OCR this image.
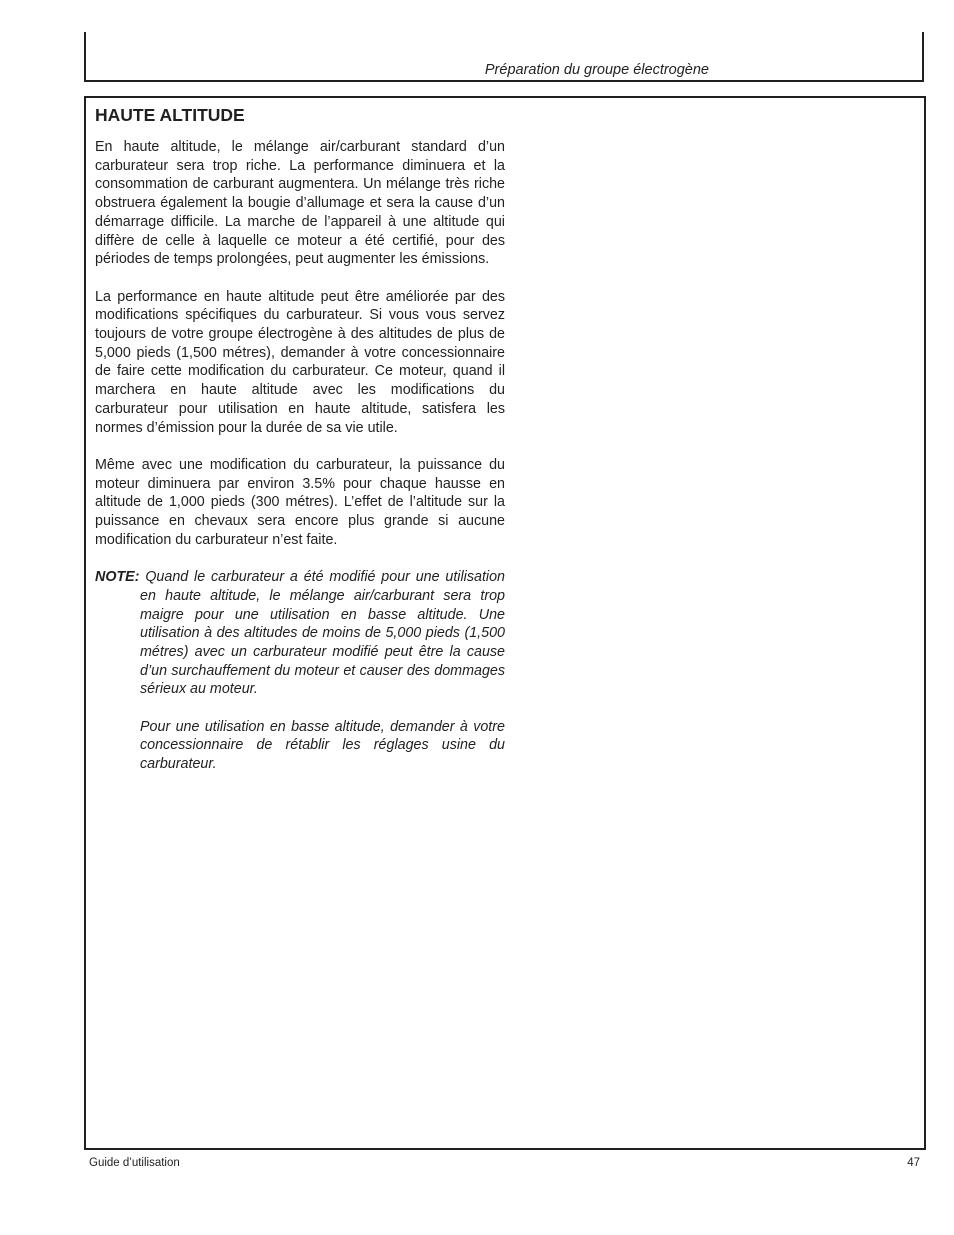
Préparation du groupe électrogène
HAUTE ALTITUDE

En haute altitude, le mélange air/carburant standard d’un carburateur sera trop riche. La performance diminuera et la consommation de carburant augmentera. Un mélange très riche obstruera également la bougie d’allumage et sera la cause d’un démarrage difficile. La marche de l’appareil à une altitude qui diffère de celle à laquelle ce moteur a été certifié, pour des périodes de temps prolongées, peut augmenter les émissions.

La performance en haute altitude peut être améliorée par des modifications spécifiques du carburateur. Si vous vous servez toujours de votre groupe électrogène à des altitudes de plus de 5,000 pieds (1,500 métres), demander à votre concessionnaire de faire cette modification du carburateur. Ce moteur, quand il marchera en haute altitude avec les modifications du carburateur pour utilisation en haute altitude, satisfera les normes d’émission pour la durée de sa vie utile.

Même avec une modification du carburateur, la puissance du moteur diminuera par environ 3.5% pour chaque hausse en altitude de 1,000 pieds (300 métres). L’effet de l’altitude sur la puissance en chevaux sera encore plus grande si aucune modification du carburateur n’est faite.

NOTE: Quand le carburateur a été modifié pour une utilisation en haute altitude, le mélange air/carburant sera trop maigre pour une utilisation en basse altitude. Une utilisation à des altitudes de moins de 5,000 pieds (1,500 métres) avec un carburateur modifié peut être la cause d’un surchauffement du moteur et causer des dommages sérieux au moteur.

Pour une utilisation en basse altitude, demander à votre concessionnaire de rétablir les réglages usine du carburateur.

Guide d’utilisation	47
